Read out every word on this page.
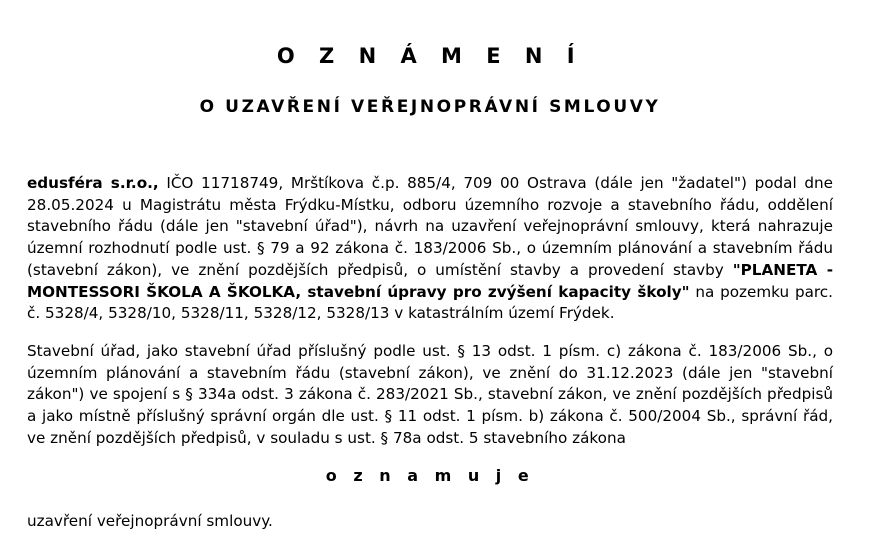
O Z N Á M E N Í
O UZAVŘENÍ VEŘEJNOPRÁVNÍ SMLOUVY

edusféra s.r.o., IČO 11718749, Mrštíkova č.p. 885/4, 709 00 Ostrava (dále jen "žadatel") podal dne 28.05.2024 u Magistrátu města Frýdku-Místku, odboru územního rozvoje a stavebního řádu, oddělení stavebního řádu (dále jen "stavební úřad"), návrh na uzavření veřejnoprávní smlouvy, která nahrazuje územní rozhodnutí podle ust. § 79 a 92 zákona č. 183/2006 Sb., o územním plánování a stavebním řádu (stavební zákon), ve znění pozdějších předpisů, o umístění stavby a provedení stavby "PLANETA - MONTESSORI ŠKOLA A ŠKOLKA, stavební úpravy pro zvýšení kapacity školy" na pozemku parc. č. 5328/4, 5328/10, 5328/11, 5328/12, 5328/13 v katastrálním území Frýdek.

Stavební úřad, jako stavební úřad příslušný podle ust. § 13 odst. 1 písm. c) zákona č. 183/2006 Sb., o územním plánování a stavebním řádu (stavební zákon), ve znění do 31.12.2023 (dále jen "stavební zákon") ve spojení s § 334a odst. 3 zákona č. 283/2021 Sb., stavební zákon, ve znění pozdějších předpisů a jako místně příslušný správní orgán dle ust. § 11 odst. 1 písm. b) zákona č. 500/2004 Sb., správní řád, ve znění pozdějších předpisů, v souladu s ust. § 78a odst. 5 stavebního zákona

o z n a m u j e

uzavření veřejnoprávní smlouvy.
